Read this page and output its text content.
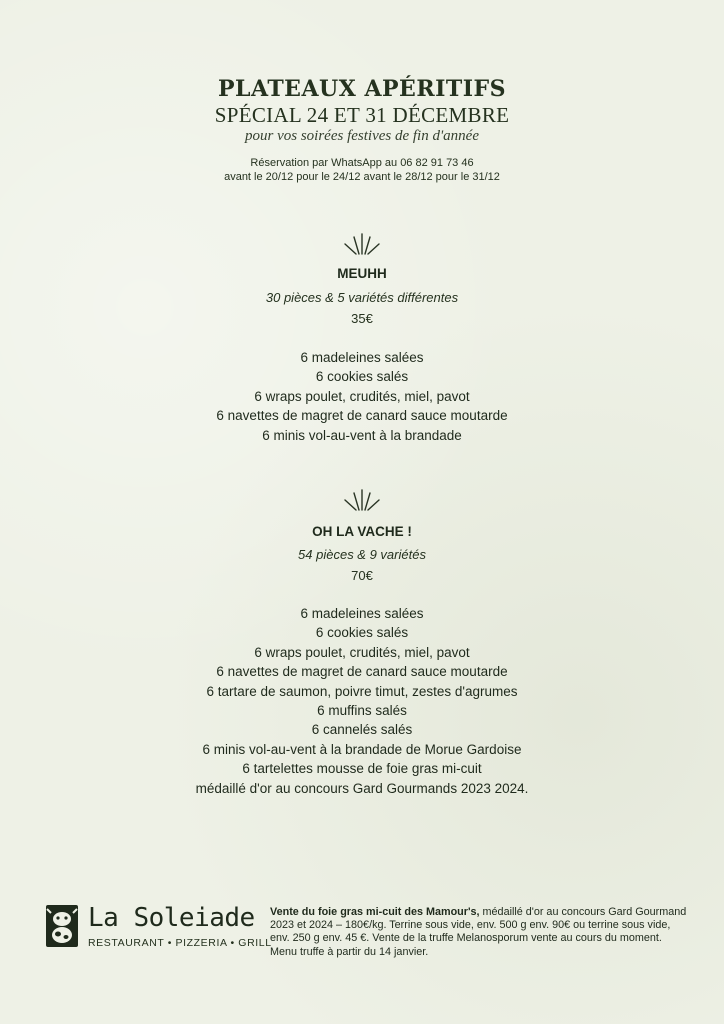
PLATEAUX APÉRITIFS
SPÉCIAL 24 ET 31 DÉCEMBRE
pour vos soirées festives de fin d'année
Réservation par WhatsApp au 06 82 91 73 46
avant le 20/12 pour le 24/12 avant le 28/12 pour le 31/12
MEUHH
30 pièces & 5 variétés différentes
35€
6 madeleines salées
6 cookies salés
6 wraps poulet, crudités, miel, pavot
6 navettes de magret de canard sauce moutarde
6 minis vol-au-vent à la brandade
OH LA VACHE !
54 pièces & 9 variétés
70€
6 madeleines salées
6 cookies salés
6 wraps poulet, crudités, miel, pavot
6 navettes de magret de canard sauce moutarde
6 tartare de saumon, poivre timut, zestes d'agrumes
6 muffins salés
6 cannelés salés
6 minis vol-au-vent à la brandade de Morue Gardoise
6 tartelettes mousse de foie gras mi-cuit
médaillé d'or au concours Gard Gourmands 2023 2024.
La Soleiade
RESTAURANT • PIZZERIA • GRILL
Vente du foie gras mi-cuit des Mamour's, médaillé d'or au concours Gard Gourmand 2023 et 2024 – 180€/kg. Terrine sous vide, env. 500 g env. 90€ ou terrine sous vide, env. 250 g env. 45 €. Vente de la truffe Melanosporum vente au cours du moment. Menu truffe à partir du 14 janvier.
